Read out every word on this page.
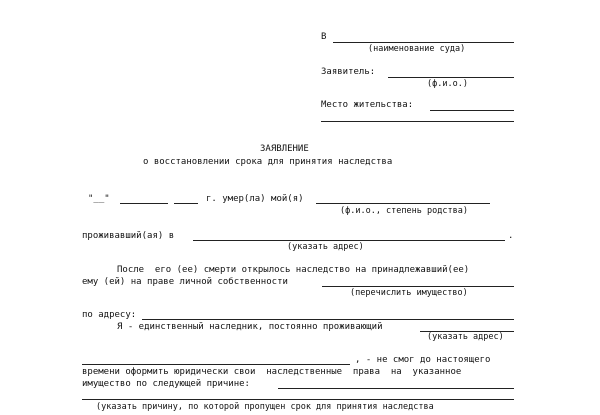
В
(наименование суда)
Заявитель:
(ф.и.о.)
Место жительства:
ЗАЯВЛЕНИЕ
о восстановлении срока для принятия наследства
"__"	г. умер(ла) мой(я)
(ф.и.о., степень родства)
проживавший(ая) в	.
(указать адрес)
После  его (ее) смерти открылось наследство на принадлежавший(ее)
ему (ей) на праве личной собственности
(перечислить имущество)
по адресу:
Я - единственный наследник, постоянно проживающий
(указать адрес)
, - не смог до настоящего
времени оформить юридически свои  наследственные  права  на  указанное
имущество по следующей причине:
(указать причину, по которой пропущен срок для принятия наследства
